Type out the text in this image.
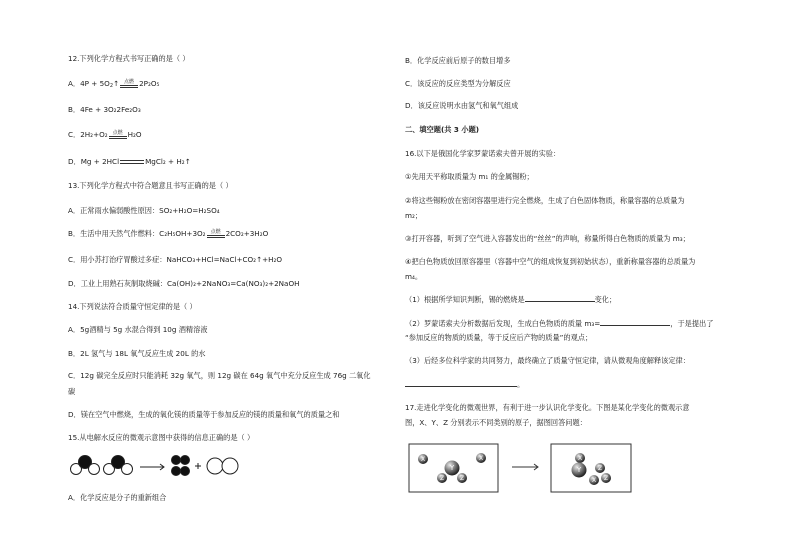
12.下列化学方程式书写正确的是（ ）
A．4P + 5O2↑ 点燃 2P₂O₅
B．4Fe + 3O₂2Fe₂O₃
C．2H₂+O₂ 点燃 H₂O
D．Mg + 2HCl	MgCl₂ + H₂↑
13.下列化学方程式中符合题意且书写正确的是（ ）
A．正常雨水偏弱酸性原因：SO₂+H₂O=H₂SO₄
B．生活中用天然气作燃料：C₂H₅OH+3O₂ 点燃 2CO₂+3H₂O
C．用小苏打治疗胃酸过多症：NaHCO₃+HCl=NaCl+CO₂↑+H₂O
D．工业上用熟石灰制取烧碱：Ca(OH)₂+2NaNO₃=Ca(NO₃)₂+2NaOH
14.下列说法符合质量守恒定律的是（ ）
A．5g酒精与 5g 水混合得到 10g 酒精溶液
B．2L 氢气与 18L 氧气反应生成 20L 的水
C．12g 碳完全反应时只能消耗 32g 氧气，则 12g 碳在 64g 氧气中充分反应生成 76g 二氧化
碳
D．镁在空气中燃烧，生成的氧化镁的质量等于参加反应的镁的质量和氧气的质量之和
15.从电解水反应的微观示意图中获得的信息正确的是（ ）
A．化学反应是分子的重新组合
B．化学反应前后原子的数目增多
C．该反应的反应类型为分解反应
D．该反应说明水由氢气和氧气组成
二、填空题(共 3 小题)
16.以下是俄国化学家罗蒙诺索夫曾开展的实验：
①先用天平称取质量为 m₁ 的金属锡粉；
②将这些锡粉放在密闭容器里进行完全燃烧，生成了白色固体物质，称量容器的总质量为
m₂；
③打开容器，听到了空气进入容器发出的“丝丝”的声响，称量所得白色物质的质量为 m₃；
④把白色物质放回原容器里（容器中空气的组成恢复到初始状态），重新称量容器的总质量为
m₄。
（1）根据所学知识判断，锡的燃烧是	变化；
（2）罗蒙诺索夫分析数据后发现，生成白色物质的质量 m₃=	，于是提出了
“参加反应的物质的质量，等于反应后产物的质量”的观点；
（3）后经多位科学家的共同努力，最终确立了质量守恒定律，请从微观角度解释该定律：
。
17.走进化学变化的微观世界，有利于进一步认识化学变化。下图是某化学变化的微观示意
图，X、Y、Z 分别表示不同类别的原子，据图回答问题：
X	X
Y
Z	Z
X
Y	Z
Z
X
